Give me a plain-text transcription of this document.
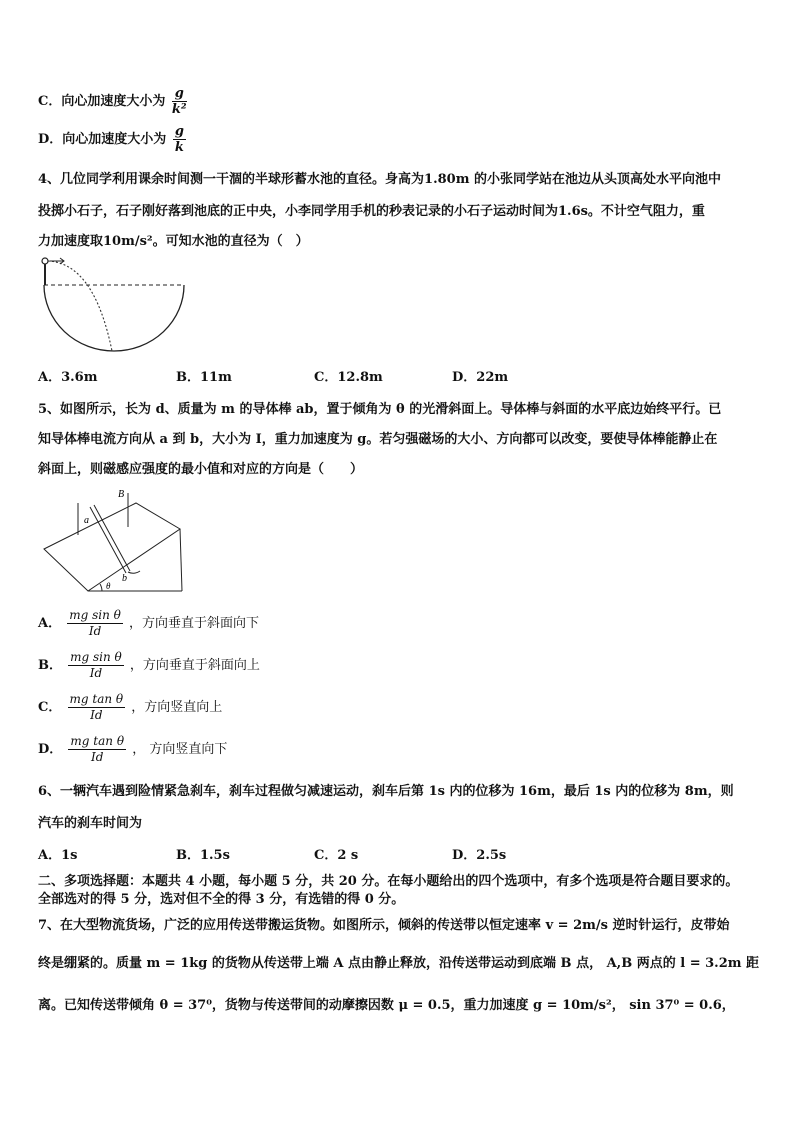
C．向心加速度大小为 $\frac{g}{\text{k²}}$
D．向心加速度大小为 $\frac{g}{k}$
4、几位同学利用课余时间测一干涸的半球形蓄水池的直径。身高为1.80m 的小张同学站在池边从头顶高处水平向池中
投掷小石子，石子刚好落到池底的正中央，小李同学用手机的秒表记录的小石子运动时间为1.6s。不计空气阻力，重
力加速度取10m/s²。可知水池的直径为（　）
A．3.6m	B．11m	C．12.8m	D．22m
5、如图所示，长为 d、质量为 m 的导体棒 ab，置于倾角为 θ 的光滑斜面上。导体棒与斜面的水平底边始终平行。已
知导体棒电流方向从 a 到 b，大小为 I，重力加速度为 g。若匀强磁场的大小、方向都可以改变，要使导体棒能静止在
斜面上，则磁感应强度的最小值和对应的方向是（　　）
B
a
b
θ
A． $\frac{\text{mg sin θ}}{Id}$ ，方向垂直于斜面向下
B． $\frac{\text{mg sin θ}}{Id}$ ，方向垂直于斜面向上
C． $\frac{\text{mg tan θ}}{Id}$ ，方向竖直向上
D． $\frac{\text{mg tan θ}}{Id}$ ， 方向竖直向下
6、一辆汽车遇到险情紧急刹车，刹车过程做匀减速运动，刹车后第 1s 内的位移为 16m，最后 1s 内的位移为 8m，则
汽车的刹车时间为
A．1s	B．1.5s	C．2 s	D．2.5s
二、多项选择题：本题共 4 小题，每小题 5 分，共 20 分。在每小题给出的四个选项中，有多个选项是符合题目要求的。
全部选对的得 5 分，选对但不全的得 3 分，有选错的得 0 分。
7、在大型物流货场，广泛的应用传送带搬运货物。如图所示，倾斜的传送带以恒定速率 v = 2m/s 逆时针运行，皮带始
终是绷紧的。质量 m = 1kg 的货物从传送带上端 A 点由静止释放，沿传送带运动到底端 B 点， A,B 两点的 l = 3.2m 距
离。已知传送带倾角 θ = 37⁰，货物与传送带间的动摩擦因数 μ = 0.5，重力加速度 g = 10m/s²， sin 37⁰ = 0.6，
